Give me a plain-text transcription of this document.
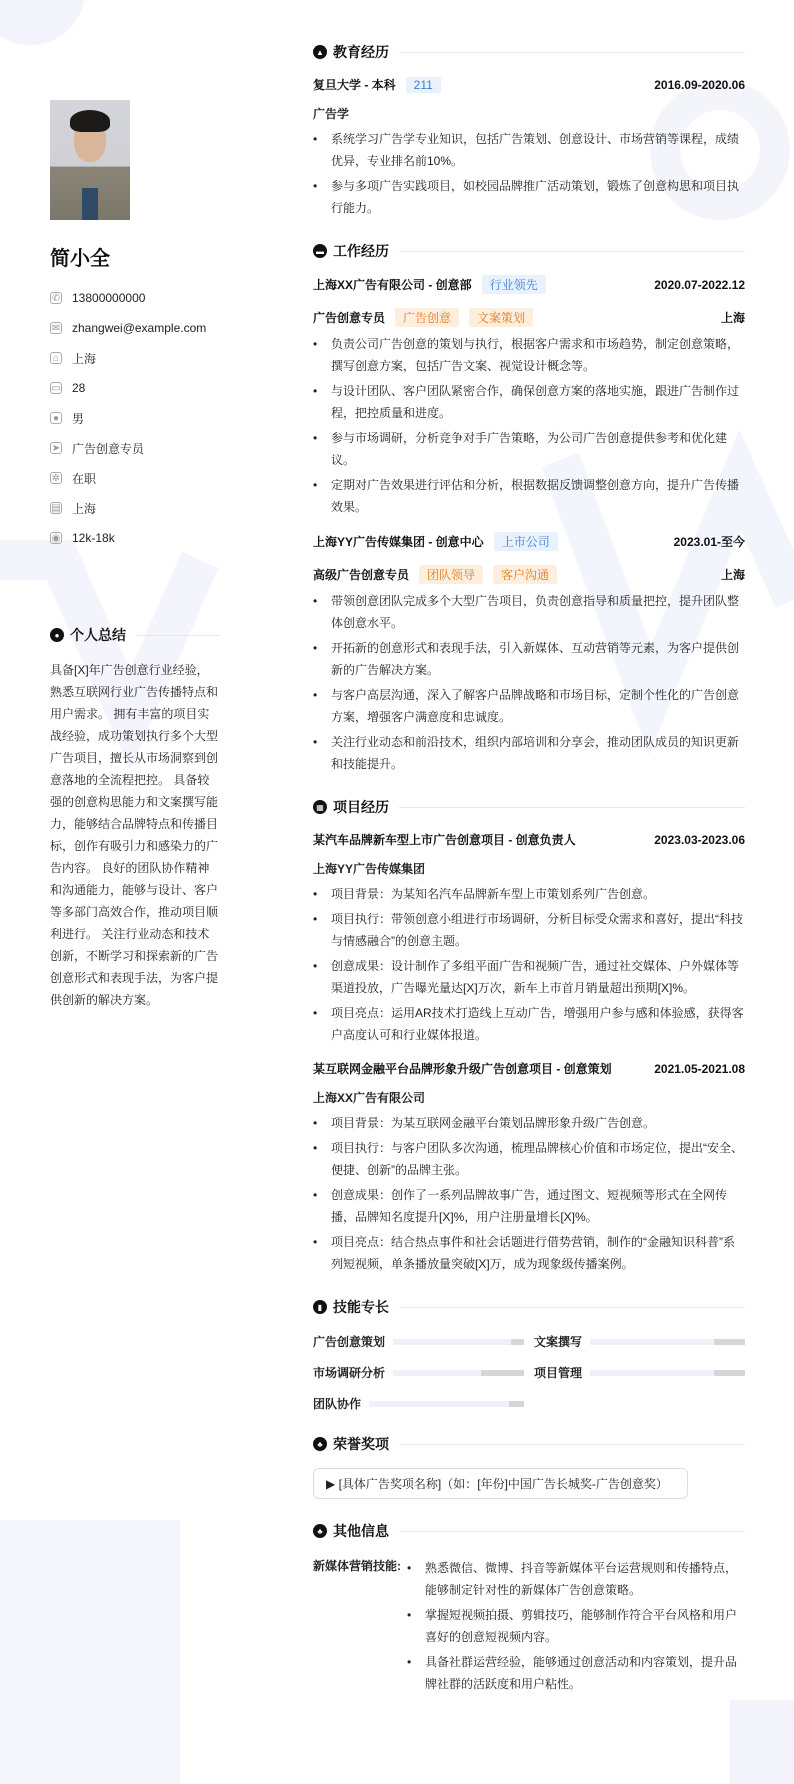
简小全
✆ 13800000000
✉ zhangwei@example.com
⌂ 上海
▭ 28
● 男
➤ 广告创意专员
✲ 在职
▤ 上海
◉ 12k-18k
● 个人总结

具备[X]年广告创意行业经验，熟悉互联网行业广告传播特点和用户需求。 拥有丰富的项目实战经验，成功策划执行多个大型广告项目，擅长从市场洞察到创意落地的全流程把控。 具备较强的创意构思能力和文案撰写能力，能够结合品牌特点和传播目标，创作有吸引力和感染力的广告内容。 良好的团队协作精神和沟通能力，能够与设计、客户等多部门高效合作，推动项目顺利进行。 关注行业动态和技术创新，不断学习和探索新的广告创意形式和表现手法，为客户提供创新的解决方案。

▲ 教育经历
复旦大学 - 本科	211	2016.09-2020.06
广告学
• 系统学习广告学专业知识，包括广告策划、创意设计、市场营销等课程，成绩优异，专业排名前10%。
• 参与多项广告实践项目，如校园品牌推广活动策划，锻炼了创意构思和项目执行能力。
▬ 工作经历
上海XX广告有限公司 - 创意部	行业领先	2020.07-2022.12
广告创意专员	广告创意	文案策划	上海
• 负责公司广告创意的策划与执行，根据客户需求和市场趋势，制定创意策略，撰写创意方案，包括广告文案、视觉设计概念等。
• 与设计团队、客户团队紧密合作，确保创意方案的落地实施，跟进广告制作过程，把控质量和进度。
• 参与市场调研，分析竞争对手广告策略，为公司广告创意提供参考和优化建议。
• 定期对广告效果进行评估和分析，根据数据反馈调整创意方向，提升广告传播效果。
上海YY广告传媒集团 - 创意中心	上市公司	2023.01-至今
高级广告创意专员	团队领导	客户沟通	上海
• 带领创意团队完成多个大型广告项目，负责创意指导和质量把控，提升团队整体创意水平。
• 开拓新的创意形式和表现手法，引入新媒体、互动营销等元素，为客户提供创新的广告解决方案。
• 与客户高层沟通，深入了解客户品牌战略和市场目标，定制个性化的广告创意方案，增强客户满意度和忠诚度。
• 关注行业动态和前沿技术，组织内部培训和分享会，推动团队成员的知识更新和技能提升。
▦ 项目经历
某汽车品牌新车型上市广告创意项目 - 创意负责人	2023.03-2023.06
上海YY广告传媒集团
• 项目背景：为某知名汽车品牌新车型上市策划系列广告创意。
• 项目执行：带领创意小组进行市场调研，分析目标受众需求和喜好，提出“科技与情感融合”的创意主题。
• 创意成果：设计制作了多组平面广告和视频广告，通过社交媒体、户外媒体等渠道投放，广告曝光量达[X]万次，新车上市首月销量超出预期[X]%。
• 项目亮点：运用AR技术打造线上互动广告，增强用户参与感和体验感，获得客户高度认可和行业媒体报道。
某互联网金融平台品牌形象升级广告创意项目 - 创意策划	2021.05-2021.08
上海XX广告有限公司
• 项目背景：为某互联网金融平台策划品牌形象升级广告创意。
• 项目执行：与客户团队多次沟通，梳理品牌核心价值和市场定位，提出“安全、便捷、创新”的品牌主张。
• 创意成果：创作了一系列品牌故事广告，通过图文、短视频等形式在全网传播，品牌知名度提升[X]%，用户注册量增长[X]%。
• 项目亮点：结合热点事件和社会话题进行借势营销，制作的“金融知识科普”系列短视频，单条播放量突破[X]万，成为现象级传播案例。
▮ 技能专长
广告创意策划	文案撰写
市场调研分析	项目管理
团队协作
♣ 荣誉奖项
▶ [具体广告奖项名称]（如：[年份]中国广告长城奖-广告创意奖）
♣ 其他信息
新媒体营销技能:	• 熟悉微信、微博、抖音等新媒体平台运营规则和传播特点，能够制定针对性的新媒体广告创意策略。
• 掌握短视频拍摄、剪辑技巧，能够制作符合平台风格和用户喜好的创意短视频内容。
• 具备社群运营经验，能够通过创意活动和内容策划，提升品牌社群的活跃度和用户粘性。
